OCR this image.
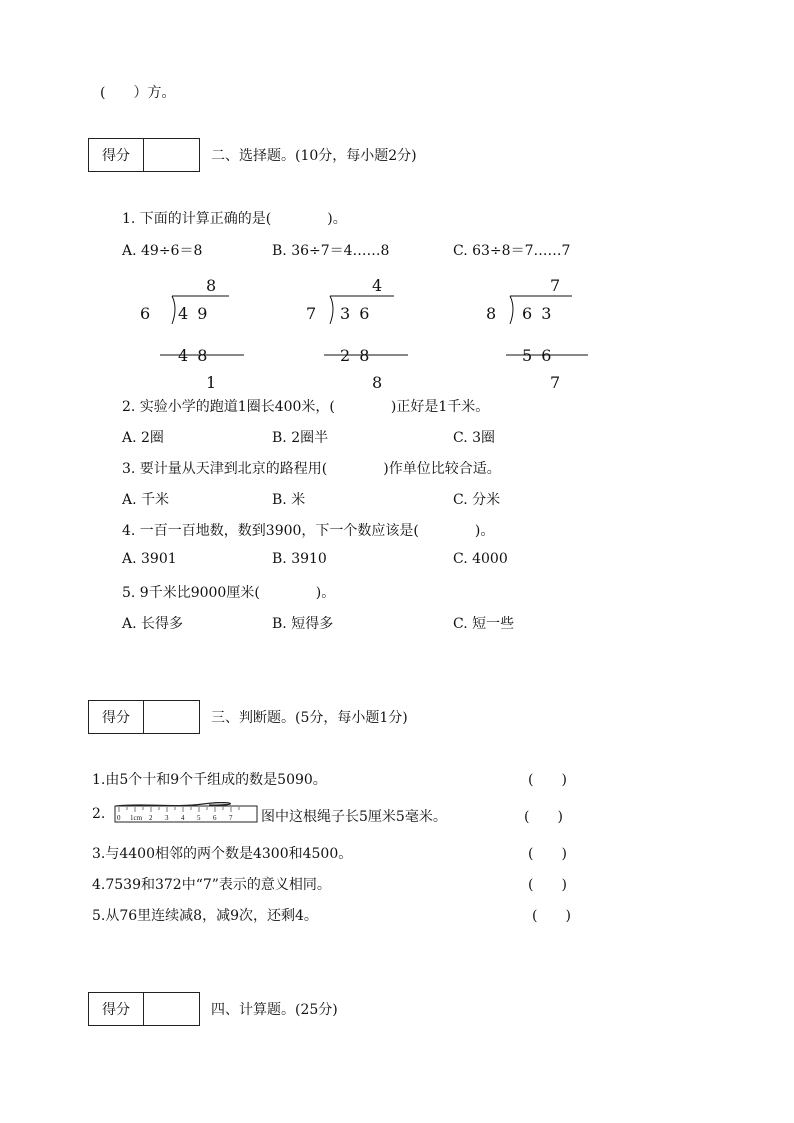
(　　）方。
得分	二、选择题。(10分，每小题2分)
1. 下面的计算正确的是(　　　　)。
A. 49÷6＝8	B. 36÷7＝4……8	C. 63÷8＝7……7
8
6 4 9
4 8
1
4
7 3 6
2 8
8
7
8 6 3
5 6
7
2. 实验小学的跑道1圈长400米，(　　　　)正好是1千米。
A. 2圈	B. 2圈半	C. 3圈
3. 要计量从天津到北京的路程用(　　　　)作单位比较合适。
A. 千米	B. 米	C. 分米
4. 一百一百地数，数到3900，下一个数应该是(　　　　)。
A. 3901	B. 3910	C. 4000
5. 9千米比9000厘米(　　　　)。
A. 长得多	B. 短得多	C. 短一些
得分	三、判断题。(5分，每小题1分)
1.由5个十和9个千组成的数是5090。	(　　)
2. 0 1cm 2 3 4 5 6 7 图中这根绳子长5厘米5毫米。	(　　)
3.与4400相邻的两个数是4300和4500。	(　　)
4.7539和372中“7”表示的意义相同。	(　　)
5.从76里连续减8，减9次，还剩4。	(　　)
得分	四、计算题。(25分)
